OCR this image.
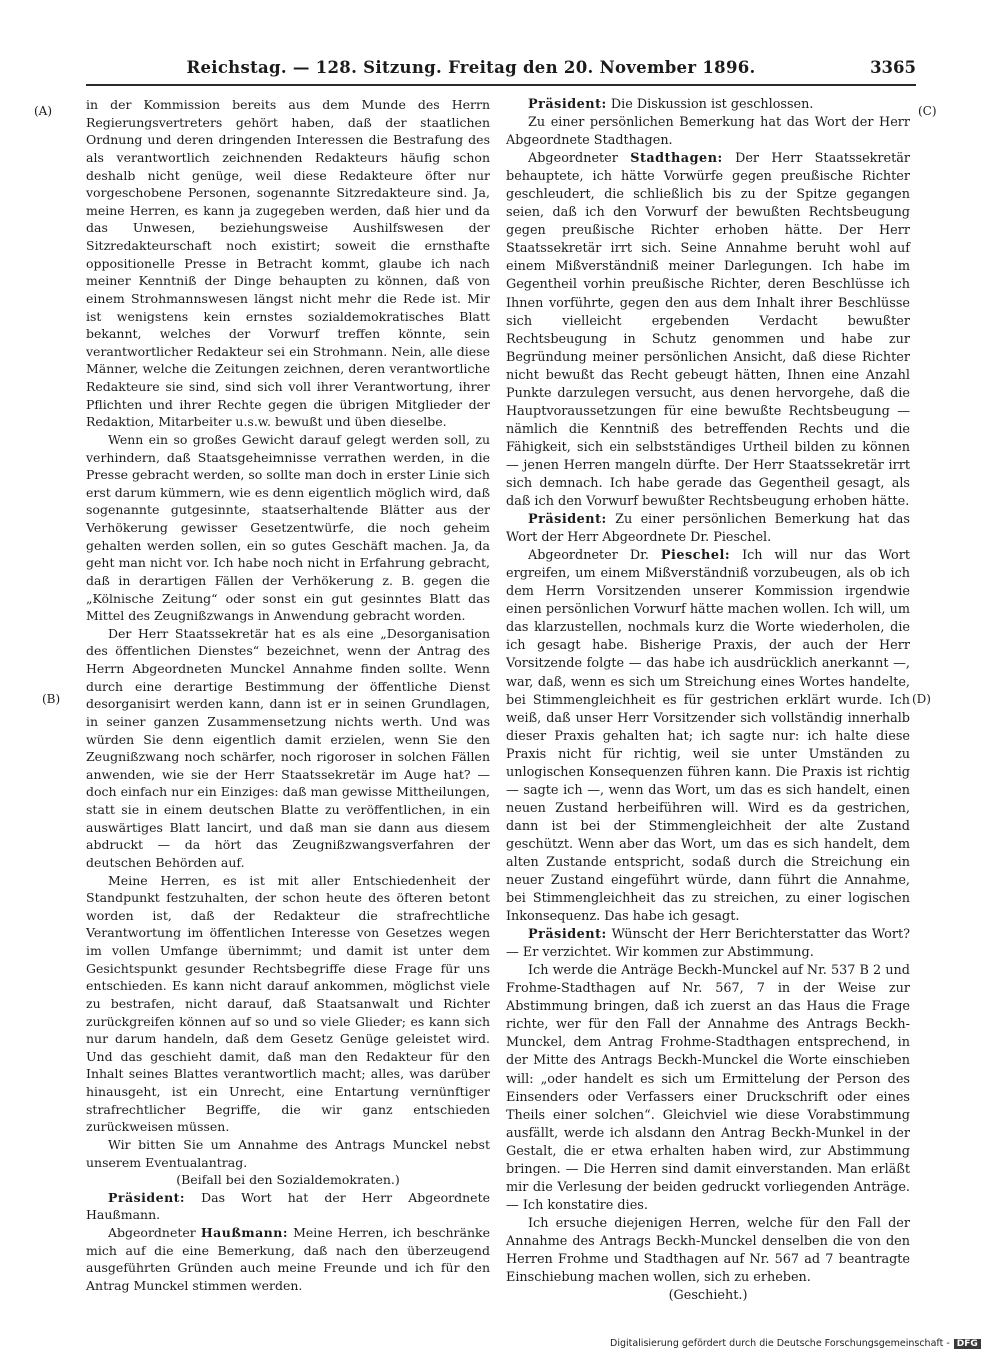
Reichstag. — 128. Sitzung. Freitag den 20. November 1896.	3365
(A)
(B)
(C)
(D)

in der Kommission bereits aus dem Munde des Herrn Regierungsvertreters gehört haben, daß der staatlichen Ordnung und deren dringenden Interessen die Bestrafung des als verantwortlich zeichnenden Redakteurs häufig schon deshalb nicht genüge, weil diese Redakteure öfter nur vorgeschobene Personen, sogenannte Sitzredakteure sind. Ja, meine Herren, es kann ja zugegeben werden, daß hier und da das Unwesen, beziehungsweise Aushilfswesen der Sitzredakteurschaft noch existirt; soweit die ernsthafte oppositionelle Presse in Betracht kommt, glaube ich nach meiner Kenntniß der Dinge behaupten zu können, daß von einem Strohmannswesen längst nicht mehr die Rede ist. Mir ist wenigstens kein ernstes sozialdemokratisches Blatt bekannt, welches der Vorwurf treffen könnte, sein verantwortlicher Redakteur sei ein Strohmann. Nein, alle diese Männer, welche die Zeitungen zeichnen, deren verantwortliche Redakteure sie sind, sind sich voll ihrer Verantwortung, ihrer Pflichten und ihrer Rechte gegen die übrigen Mitglieder der Redaktion, Mitarbeiter u.s.w. bewußt und üben dieselbe.

Wenn ein so großes Gewicht darauf gelegt werden soll, zu verhindern, daß Staatsgeheimnisse verrathen werden, in die Presse gebracht werden, so sollte man doch in erster Linie sich erst darum kümmern, wie es denn eigentlich möglich wird, daß sogenannte gutgesinnte, staatserhaltende Blätter aus der Verhökerung gewisser Gesetzentwürfe, die noch geheim gehalten werden sollen, ein so gutes Geschäft machen. Ja, da geht man nicht vor. Ich habe noch nicht in Erfahrung gebracht, daß in derartigen Fällen der Verhökerung z. B. gegen die „Kölnische Zeitung“ oder sonst ein gut gesinntes Blatt das Mittel des Zeugnißzwangs in Anwendung gebracht worden.

Der Herr Staatssekretär hat es als eine „Desorganisation des öffentlichen Dienstes“ bezeichnet, wenn der Antrag des Herrn Abgeordneten Munckel Annahme finden sollte. Wenn durch eine derartige Bestimmung der öffentliche Dienst desorganisirt werden kann, dann ist er in seinen Grundlagen, in seiner ganzen Zusammensetzung nichts werth. Und was würden Sie denn eigentlich damit erzielen, wenn Sie den Zeugnißzwang noch schärfer, noch rigoroser in solchen Fällen anwenden, wie sie der Herr Staatssekretär im Auge hat? — doch einfach nur ein Einziges: daß man gewisse Mittheilungen, statt sie in einem deutschen Blatte zu veröffentlichen, in ein auswärtiges Blatt lancirt, und daß man sie dann aus diesem abdruckt — da hört das Zeugnißzwangsverfahren der deutschen Behörden auf.

Meine Herren, es ist mit aller Entschiedenheit der Standpunkt festzuhalten, der schon heute des öfteren betont worden ist, daß der Redakteur die strafrechtliche Verantwortung im öffentlichen Interesse von Gesetzes wegen im vollen Umfange übernimmt; und damit ist unter dem Gesichtspunkt gesunder Rechtsbegriffe diese Frage für uns entschieden. Es kann nicht darauf ankommen, möglichst viele zu bestrafen, nicht darauf, daß Staatsanwalt und Richter zurückgreifen können auf so und so viele Glieder; es kann sich nur darum handeln, daß dem Gesetz Genüge geleistet wird. Und das geschieht damit, daß man den Redakteur für den Inhalt seines Blattes verantwortlich macht; alles, was darüber hinausgeht, ist ein Unrecht, eine Entartung vernünftiger strafrechtlicher Begriffe, die wir ganz entschieden zurückweisen müssen.

Wir bitten Sie um Annahme des Antrags Munckel nebst unserem Eventualantrag.

(Beifall bei den Sozialdemokraten.)

Präsident: Das Wort hat der Herr Abgeordnete Haußmann.

Abgeordneter Haußmann: Meine Herren, ich beschränke mich auf die eine Bemerkung, daß nach den überzeugend ausgeführten Gründen auch meine Freunde und ich für den Antrag Munckel stimmen werden.

Präsident: Die Diskussion ist geschlossen.

Zu einer persönlichen Bemerkung hat das Wort der Herr Abgeordnete Stadthagen.

Abgeordneter Stadthagen: Der Herr Staatssekretär behauptete, ich hätte Vorwürfe gegen preußische Richter geschleudert, die schließlich bis zu der Spitze gegangen seien, daß ich den Vorwurf der bewußten Rechtsbeugung gegen preußische Richter erhoben hätte. Der Herr Staatssekretär irrt sich. Seine Annahme beruht wohl auf einem Mißverständniß meiner Darlegungen. Ich habe im Gegentheil vorhin preußische Richter, deren Beschlüsse ich Ihnen vorführte, gegen den aus dem Inhalt ihrer Beschlüsse sich vielleicht ergebenden Verdacht bewußter Rechtsbeugung in Schutz genommen und habe zur Begründung meiner persönlichen Ansicht, daß diese Richter nicht bewußt das Recht gebeugt hätten, Ihnen eine Anzahl Punkte darzulegen versucht, aus denen hervorgehe, daß die Hauptvoraussetzungen für eine bewußte Rechtsbeugung — nämlich die Kenntniß des betreffenden Rechts und die Fähigkeit, sich ein selbstständiges Urtheil bilden zu können — jenen Herren mangeln dürfte. Der Herr Staatssekretär irrt sich demnach. Ich habe gerade das Gegentheil gesagt, als daß ich den Vorwurf bewußter Rechtsbeugung erhoben hätte.

Präsident: Zu einer persönlichen Bemerkung hat das Wort der Herr Abgeordnete Dr. Pieschel.

Abgeordneter Dr. Pieschel: Ich will nur das Wort ergreifen, um einem Mißverständniß vorzubeugen, als ob ich dem Herrn Vorsitzenden unserer Kommission irgendwie einen persönlichen Vorwurf hätte machen wollen. Ich will, um das klarzustellen, nochmals kurz die Worte wiederholen, die ich gesagt habe. Bisherige Praxis, der auch der Herr Vorsitzende folgte — das habe ich ausdrücklich anerkannt —, war, daß, wenn es sich um Streichung eines Wortes handelte, bei Stimmengleichheit es für gestrichen erklärt wurde. Ich weiß, daß unser Herr Vorsitzender sich vollständig innerhalb dieser Praxis gehalten hat; ich sagte nur: ich halte diese Praxis nicht für richtig, weil sie unter Umständen zu unlogischen Konsequenzen führen kann. Die Praxis ist richtig — sagte ich —, wenn das Wort, um das es sich handelt, einen neuen Zustand herbeiführen will. Wird es da gestrichen, dann ist bei der Stimmengleichheit der alte Zustand geschützt. Wenn aber das Wort, um das es sich handelt, dem alten Zustande entspricht, sodaß durch die Streichung ein neuer Zustand eingeführt würde, dann führt die Annahme, bei Stimmengleichheit das zu streichen, zu einer logischen Inkonsequenz. Das habe ich gesagt.

Präsident: Wünscht der Herr Berichterstatter das Wort? — Er verzichtet. Wir kommen zur Abstimmung.

Ich werde die Anträge Beckh-Munckel auf Nr. 537 B 2 und Frohme-Stadthagen auf Nr. 567, 7 in der Weise zur Abstimmung bringen, daß ich zuerst an das Haus die Frage richte, wer für den Fall der Annahme des Antrags Beckh-Munckel, dem Antrag Frohme-Stadthagen entsprechend, in der Mitte des Antrags Beckh-Munckel die Worte einschieben will: „oder handelt es sich um Ermittelung der Person des Einsenders oder Verfassers einer Druckschrift oder eines Theils einer solchen“. Gleichviel wie diese Vorabstimmung ausfällt, werde ich alsdann den Antrag Beckh-Munkel in der Gestalt, die er etwa erhalten haben wird, zur Abstimmung bringen. — Die Herren sind damit einverstanden. Man erläßt mir die Verlesung der beiden gedruckt vorliegenden Anträge. — Ich konstatire dies.

Ich ersuche diejenigen Herren, welche für den Fall der Annahme des Antrags Beckh-Munckel denselben die von den Herren Frohme und Stadthagen auf Nr. 567 ad 7 beantragte Einschiebung machen wollen, sich zu erheben.

(Geschieht.)

Digitalisierung gefördert durch die Deutsche Forschungsgemeinschaft - DFG
